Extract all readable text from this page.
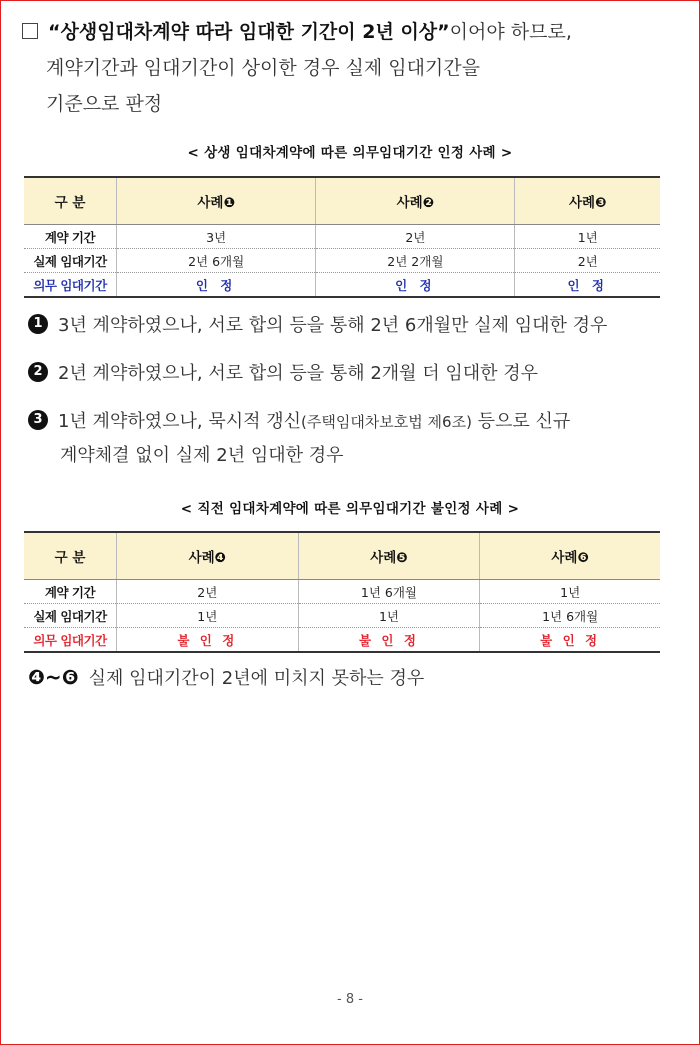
“상생임대차계약 따라 임대한 기간이 2년 이상”이어야 하므로,
계약기간과 임대기간이 상이한 경우 실제 임대기간을
기준으로 판정
< 상생 임대차계약에 따른 의무임대기간 인정 사례 >
구 분	사례❶	사례❷	사례❸
계약 기간	3년	2년	1년
실제 임대기간	2년 6개월	2년 2개월	2년
의무 임대기간	인 정	인 정	인 정
1 3년 계약하였으나, 서로 합의 등을 통해 2년 6개월만 실제 임대한 경우
2 2년 계약하였으나, 서로 합의 등을 통해 2개월 더 임대한 경우
3 1년 계약하였으나, 묵시적 갱신(주택임대차보호법 제6조) 등으로 신규
계약체결 없이 실제 2년 임대한 경우
< 직전 임대차계약에 따른 의무임대기간 불인정 사례 >
구 분	사례❹	사례❺	사례❻
계약 기간	2년	1년 6개월	1년
실제 임대기간	1년	1년	1년 6개월
의무 임대기간	불 인 정	불 인 정	불 인 정
❹~❻ 실제 임대기간이 2년에 미치지 못하는 경우
- 8 -
